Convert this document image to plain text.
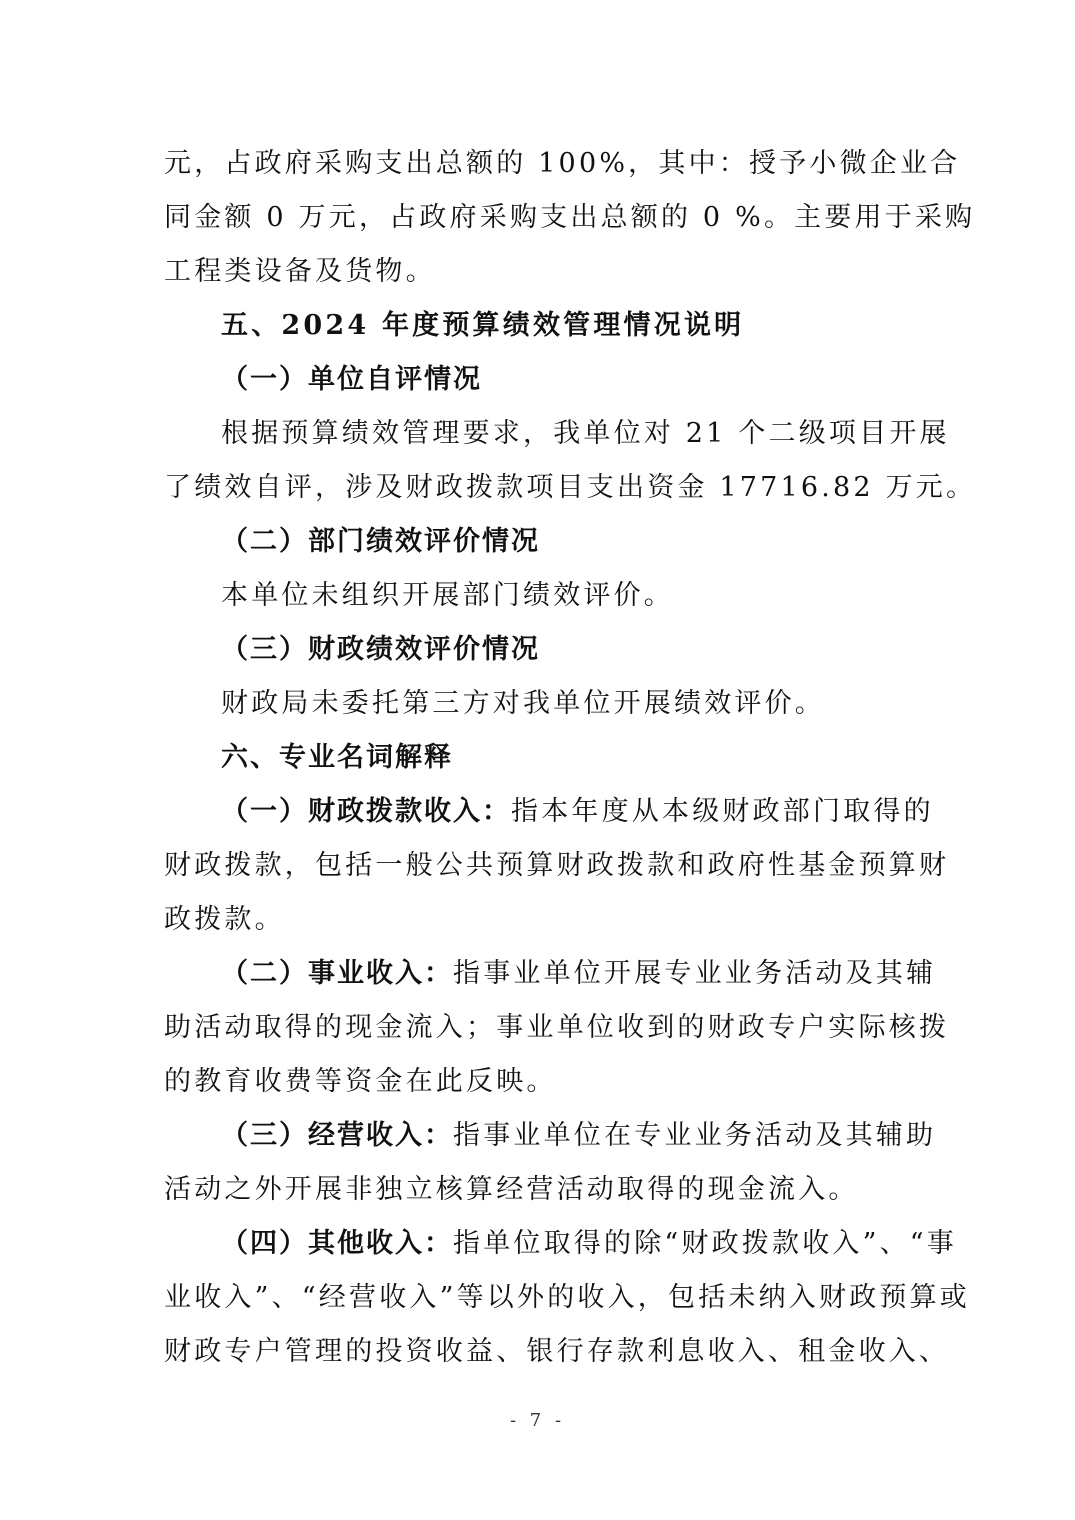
元，占政府采购支出总额的 100%，其中：授予小微企业合
同金额 0 万元，占政府采购支出总额的 0 %。主要用于采购
工程类设备及货物。
五、2024 年度预算绩效管理情况说明
（一）单位自评情况
根据预算绩效管理要求，我单位对 21 个二级项目开展
了绩效自评，涉及财政拨款项目支出资金 17716.82 万元。
（二）部门绩效评价情况
本单位未组织开展部门绩效评价。
（三）财政绩效评价情况
财政局未委托第三方对我单位开展绩效评价。
六、专业名词解释
（一）财政拨款收入：指本年度从本级财政部门取得的
财政拨款，包括一般公共预算财政拨款和政府性基金预算财
政拨款。
（二）事业收入：指事业单位开展专业业务活动及其辅
助活动取得的现金流入；事业单位收到的财政专户实际核拨
的教育收费等资金在此反映。
（三）经营收入：指事业单位在专业业务活动及其辅助
活动之外开展非独立核算经营活动取得的现金流入。
（四）其他收入：指单位取得的除“财政拨款收入”、“事
业收入”、“经营收入”等以外的收入，包括未纳入财政预算或
财政专户管理的投资收益、银行存款利息收入、租金收入、
- 7 -
